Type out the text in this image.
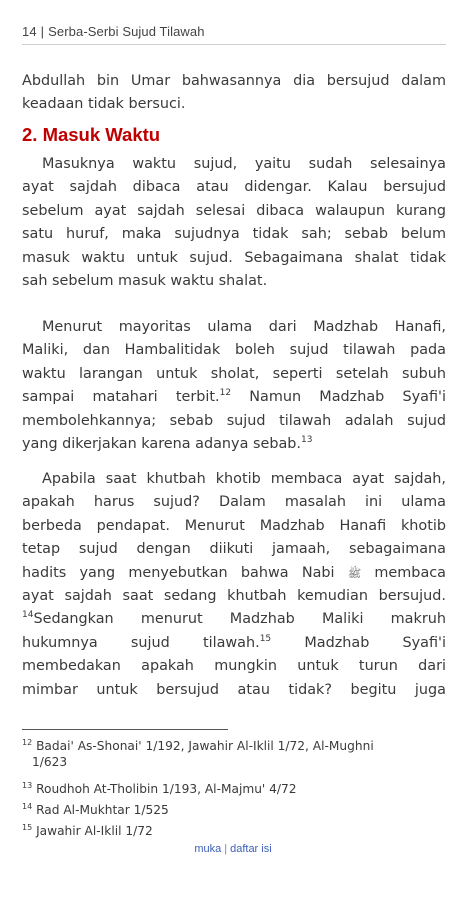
14 | Serba-Serbi Sujud Tilawah

Abdullah bin Umar bahwasannya dia bersujud dalam
keadaan tidak bersuci.

2. Masuk Waktu

Masuknya waktu sujud, yaitu sudah selesainya
ayat sajdah dibaca atau didengar. Kalau bersujud
sebelum ayat sajdah selesai dibaca walaupun kurang
satu huruf, maka sujudnya tidak sah; sebab belum
masuk waktu untuk sujud. Sebagaimana shalat tidak
sah sebelum masuk waktu shalat.

Menurut mayoritas ulama dari Madzhab Hanafi,
Maliki, dan Hambalitidak boleh sujud tilawah pada
waktu larangan untuk sholat, seperti setelah subuh
sampai matahari terbit.$^{12}$ Namun Madzhab Syafi'i
membolehkannya; sebab sujud tilawah adalah sujud
yang dikerjakan karena adanya sebab.$^{13}$

Apabila saat khutbah khotib membaca ayat sajdah,
apakah harus sujud? Dalam masalah ini ulama
berbeda pendapat. Menurut Madzhab Hanafi khotib
tetap sujud dengan diikuti jamaah, sebagaimana
hadits yang menyebutkan bahwa Nabi ﷺ membaca
ayat sajdah saat sedang khutbah kemudian bersujud.
$^{14}$Sedangkan menurut Madzhab Maliki makruh
hukumnya sujud tilawah.$^{15}$ Madzhab Syafi'i
membedakan apakah mungkin untuk turun dari
mimbar untuk bersujud atau tidak? begitu juga

$^{12}$ Badai' As-Shonai' 1/192, Jawahir Al-Iklil 1/72, Al-Mughni
1/623
$^{13}$ Roudhoh At-Tholibin 1/193, Al-Majmu' 4/72
$^{14}$ Rad Al-Mukhtar 1/525
$^{15}$ Jawahir Al-Iklil 1/72
muka | daftar isi
